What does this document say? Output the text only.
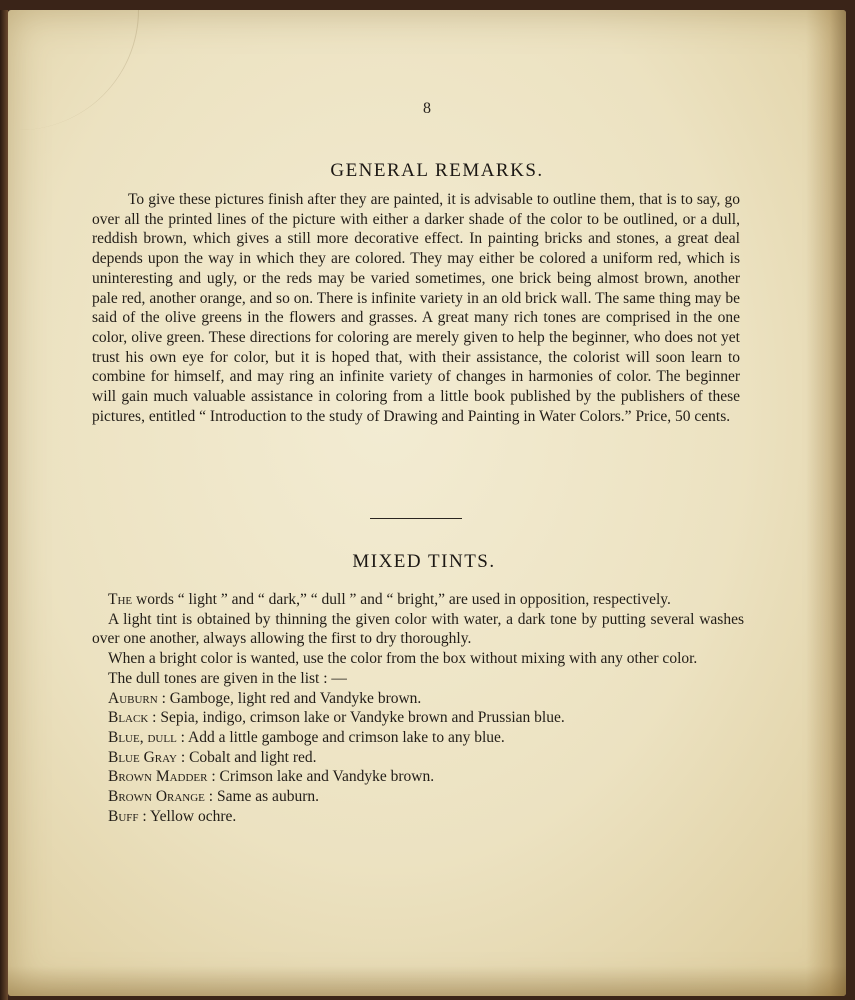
8
GENERAL REMARKS.

To give these pictures finish after they are painted, it is advisable to outline them, that is to say, go over all the printed lines of the picture with either a darker shade of the color to be outlined, or a dull, reddish brown, which gives a still more decorative effect. In painting bricks and stones, a great deal depends upon the way in which they are colored. They may either be colored a uniform red, which is uninteresting and ugly, or the reds may be varied sometimes, one brick being almost brown, another pale red, another orange, and so on. There is infinite variety in an old brick wall. The same thing may be said of the olive greens in the flowers and grasses. A great many rich tones are comprised in the one color, olive green. These directions for coloring are merely given to help the beginner, who does not yet trust his own eye for color, but it is hoped that, with their assistance, the colorist will soon learn to combine for himself, and may ring an infinite variety of changes in harmonies of color. The beginner will gain much valuable assistance in coloring from a little book published by the publishers of these pictures, entitled “ Introduction to the study of Drawing and Painting in Water Colors.” Price, 50 cents.

MIXED TINTS.

The words “ light ” and “ dark,” “ dull ” and “ bright,” are used in opposition, respectively.

A light tint is obtained by thinning the given color with water, a dark tone by putting several washes over one another, always allowing the first to dry thoroughly.

When a bright color is wanted, use the color from the box without mixing with any other color.

The dull tones are given in the list : —

Auburn : Gamboge, light red and Vandyke brown.
Black : Sepia, indigo, crimson lake or Vandyke brown and Prussian blue.
Blue, dull : Add a little gamboge and crimson lake to any blue.
Blue Gray : Cobalt and light red.
Brown Madder : Crimson lake and Vandyke brown.
Brown Orange : Same as auburn.
Buff : Yellow ochre.
